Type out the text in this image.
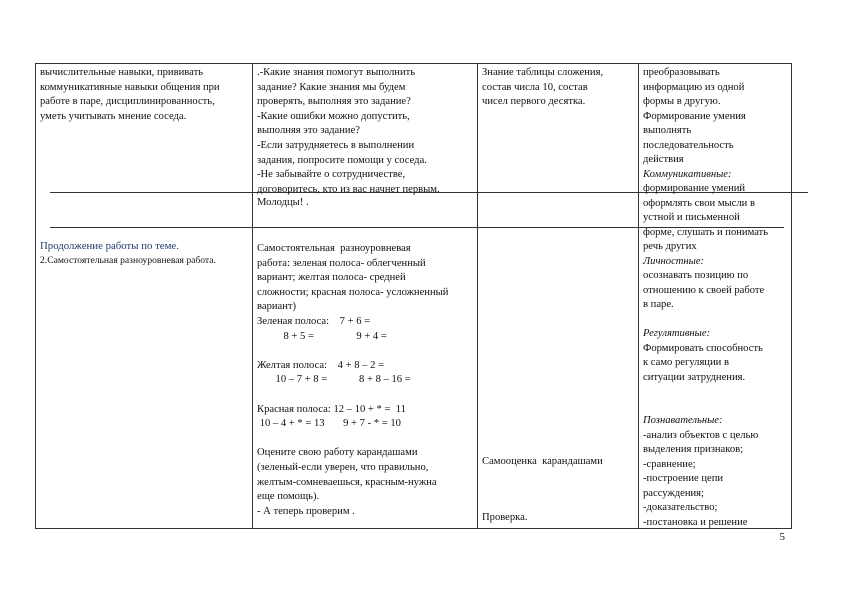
вычислительные навыки, прививать
коммуникативные навыки общения при
работе в паре, дисциплинированность,
уметь учитывать мнение соседа.
Продолжение работы по теме.
2.Самостоятельная разноуровневая работа.
.-Какие знания помогут выполнить
задание? Какие знания мы будем
проверять, выполняя это задание?
-Какие ошибки можно допустить,
выполняя это задание?
-Если затрудняетесь в выполнении
задания, попросите помощи у соседа.
-Не забывайте о сотрудничестве,
договоритесь, кто из вас начнет первым.
Молодцы! .
Самостоятельная  разноуровневая
работа: зеленая полоса- облегченный
вариант; желтая полоса- средней
сложности; красная полоса- усложненный
вариант)
Зеленая полоса:    7 + 6 =
8 + 5 =                9 + 4 =

Желтая полоса:    4 + 8 – 2 =
10 – 7 + 8 =            8 + 8 – 16 =

Красная полоса: 12 – 10 + * =  11
10 – 4 + * = 13       9 + 7 - * = 10

Оцените свою работу карандашами
(зеленый-если уверен, что правильно,
желтым-сомневаешься, красным-нужна
еще помощь).
- А теперь проверим .
Знание таблицы сложения,
состав числа 10, состав
чисел первого десятка.
Самооценка  карандашами
Проверка.
преобразовывать
информацию из одной
формы в другую.
Формирование умения
выполнять
последовательность
действия
Коммуникативные:
формирование умений
оформлять свои мысли в
устной и письменной
форме, слушать и понимать
речь других
Личностные:
осознавать позицию по
отношению к своей работе
в паре.

Регулятивные:
Формировать способность
к само регуляции в
ситуации затруднения.

Познавательные:
-анализ объектов с целью
выделения признаков;
-сравнение;
-построение цепи
рассуждения;
-доказательство;
-постановка и решение
5
